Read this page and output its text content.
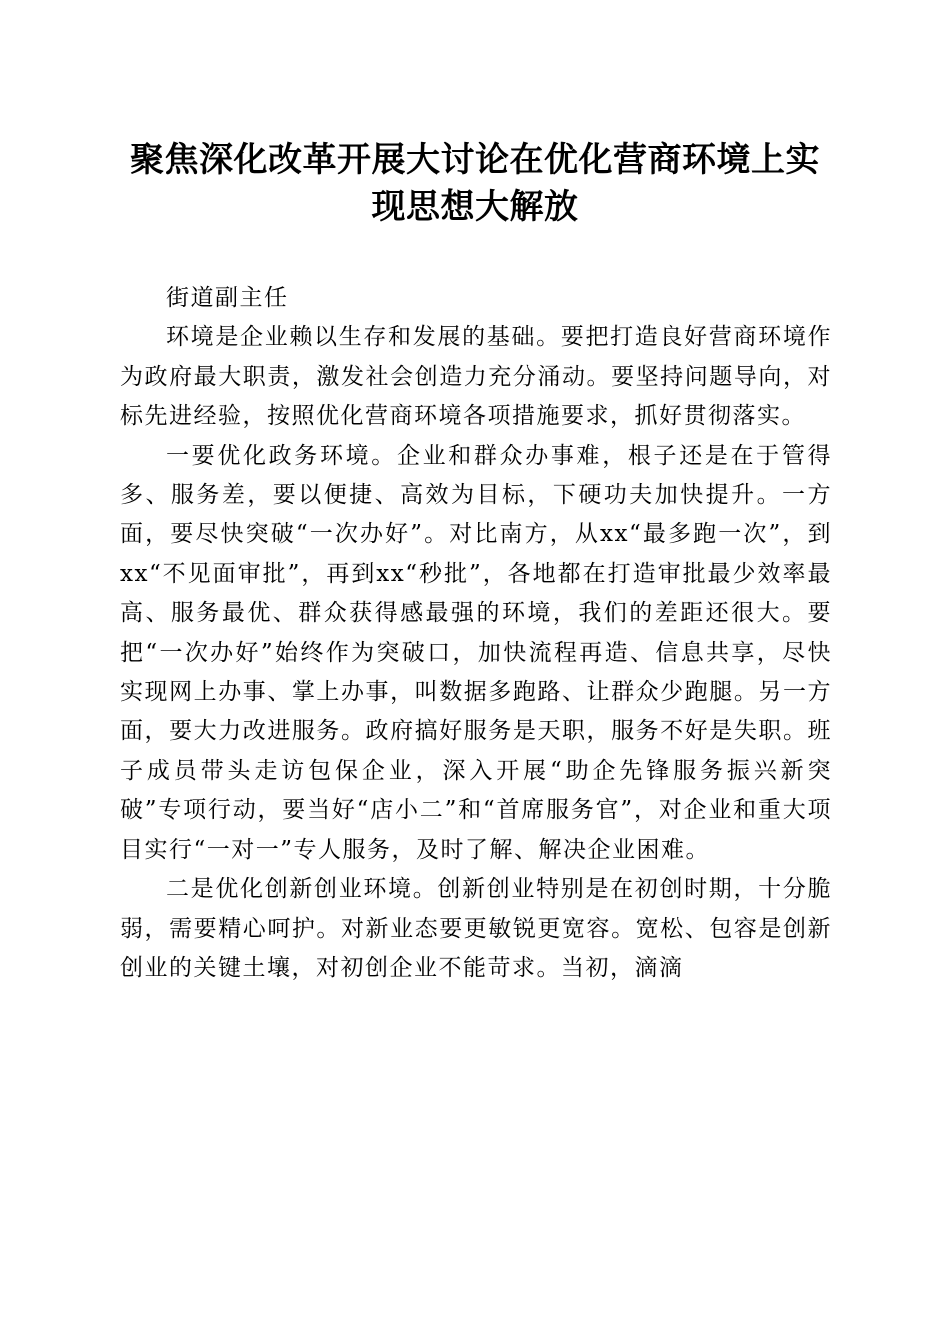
聚焦深化改革开展大讨论在优化营商环境上实
现思想大解放

街道副主任

环境是企业赖以生存和发展的基础。要把打造良好营商环境作为政府最大职责，激发社会创造力充分涌动。要坚持问题导向，对标先进经验，按照优化营商环境各项措施要求，抓好贯彻落实。

一要优化政务环境。企业和群众办事难，根子还是在于管得多、服务差，要以便捷、高效为目标，下硬功夫加快提升。一方面，要尽快突破“一次办好”。对比南方，从xx“最多跑一次”，到xx“不见面审批”，再到xx“秒批”，各地都在打造审批最少效率最高、服务最优、群众获得感最强的环境，我们的差距还很大。要把“一次办好”始终作为突破口，加快流程再造、信息共享，尽快实现网上办事、掌上办事，叫数据多跑路、让群众少跑腿。另一方面，要大力改进服务。政府搞好服务是天职，服务不好是失职。班子成员带头走访包保企业，深入开展“助企先锋服务振兴新突破”专项行动，要当好“店小二”和“首席服务官”，对企业和重大项目实行“一对一”专人服务，及时了解、解决企业困难。

二是优化创新创业环境。创新创业特别是在初创时期，十分脆弱，需要精心呵护。对新业态要更敏锐更宽容。宽松、包容是创新创业的关键土壤，对初创企业不能苛求。当初，滴滴
